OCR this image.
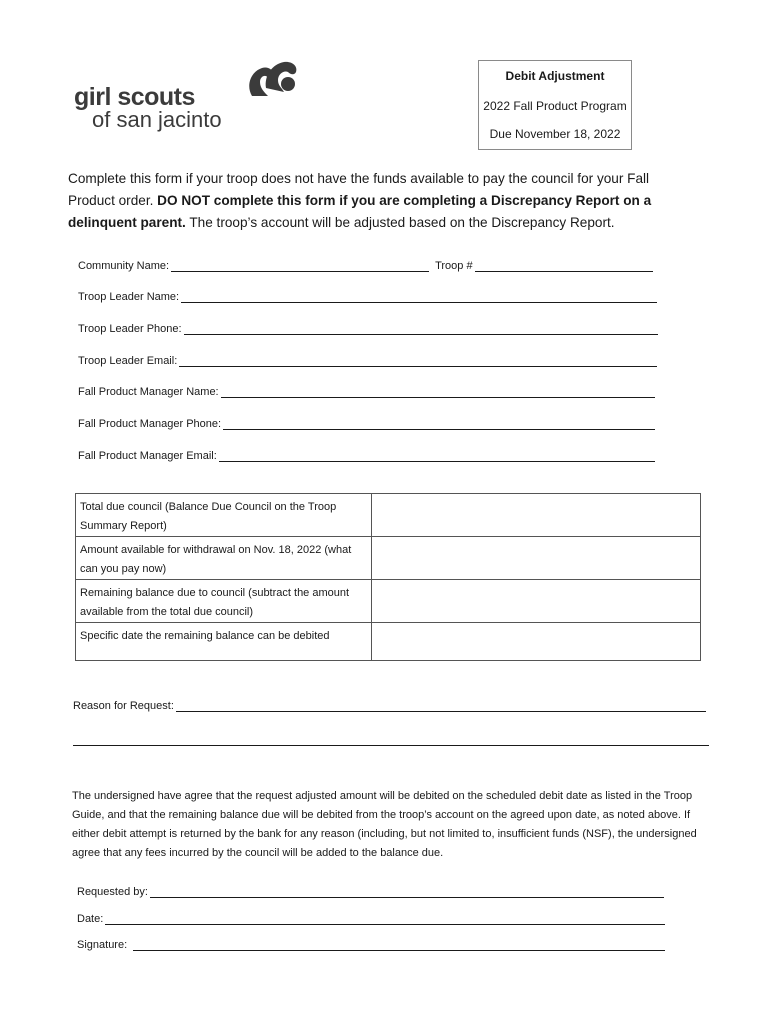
girl scouts
of san jacinto
Debit Adjustment
2022 Fall Product Program
Due November 18, 2022
Complete this form if your troop does not have the funds available to pay the council for your Fall Product order. DO NOT complete this form if you are completing a Discrepancy Report on a delinquent parent. The troop’s account will be adjusted based on the Discrepancy Report.
Community Name:	Troop #
Troop Leader Name:
Troop Leader Phone:
Troop Leader Email:
Fall Product Manager Name:
Fall Product Manager Phone:
Fall Product Manager Email:
Total due council (Balance Due Council on the Troop Summary Report)
Amount available for withdrawal on Nov. 18, 2022 (what can you pay now)
Remaining balance due to council (subtract the amount available from the total due council)
Specific date the remaining balance can be debited
Reason for Request:
The undersigned have agree that the request adjusted amount will be debited on the scheduled debit date as listed in the Troop Guide, and that the remaining balance due will be debited from the troop’s account on the agreed upon date, as noted above. If either debit attempt is returned by the bank for any reason (including, but not limited to, insufficient funds (NSF), the undersigned agree that any fees incurred by the council will be added to the balance due.
Requested by:
Date:
Signature:
